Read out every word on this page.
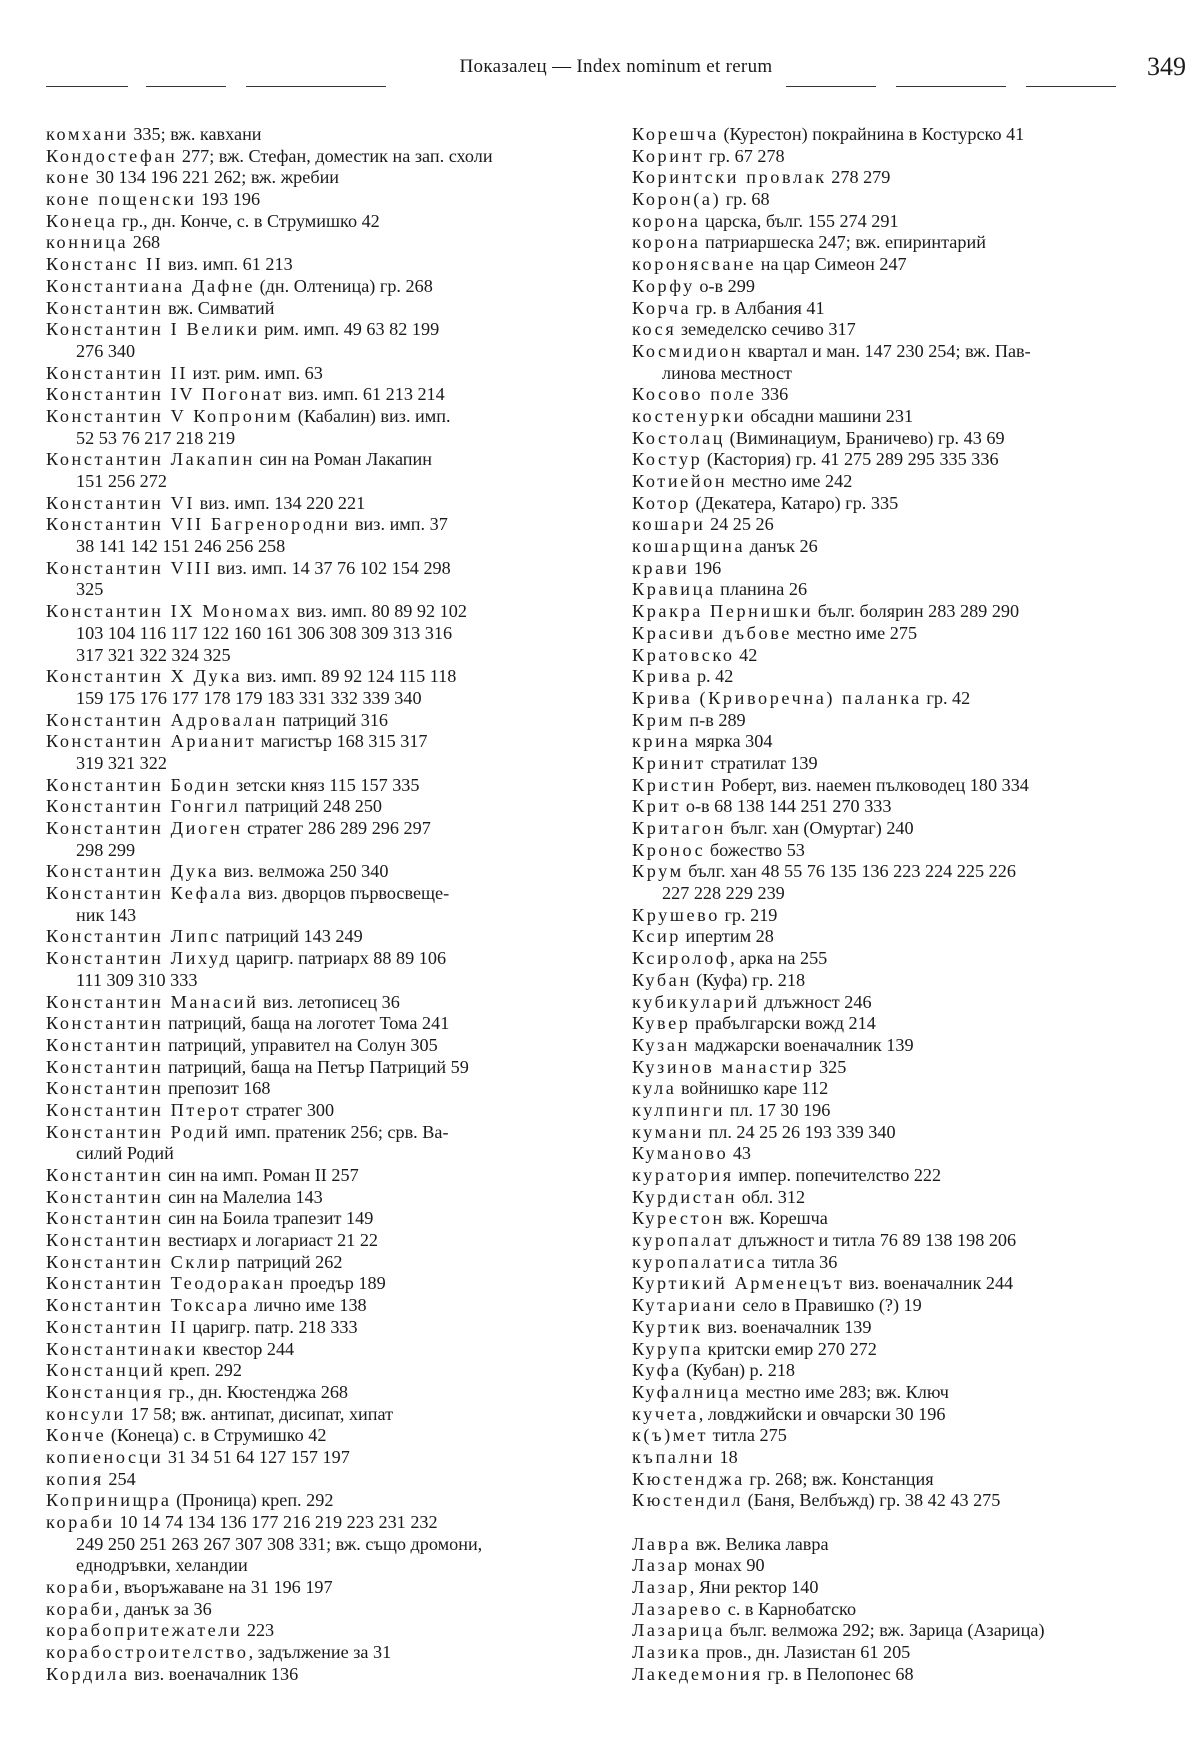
Показалец — Index nominum et rerum	349
комхани 335; вж. кавхани
Кондостефан 277; вж. Стефан, доместик на зап. схоли
коне 30 134 196 221 262; вж. жребии
коне пощенски 193 196
Конеца гр., дн. Конче, с. в Струмишко 42
конница 268
Констанс II виз. имп. 61 213
Константиана Дафне (дн. Олтеница) гр. 268
Константин вж. Симватий
Константин I Велики рим. имп. 49 63 82 199
276 340
Константин II изт. рим. имп. 63
Константин IV Погонат виз. имп. 61 213 214
Константин V Копроним (Кабалин) виз. имп.
52 53 76 217 218 219
Константин Лакапин син на Роман Лакапин
151 256 272
Константин VI виз. имп. 134 220 221
Константин VII Багренородни виз. имп. 37
38 141 142 151 246 256 258
Константин VIII виз. имп. 14 37 76 102 154 298
325
Константин IX Мономах виз. имп. 80 89 92 102
103 104 116 117 122 160 161 306 308 309 313 316
317 321 322 324 325
Константин X Дука виз. имп. 89 92 124 115 118
159 175 176 177 178 179 183 331 332 339 340
Константин Адровалан патриций 316
Константин Арианит магистър 168 315 317
319 321 322
Константин Бодин зетски княз 115 157 335
Константин Гонгил патриций 248 250
Константин Диоген стратег 286 289 296 297
298 299
Константин Дука виз. велможа 250 340
Константин Кефала виз. дворцов първосвеще-
ник 143
Константин Липс патриций 143 249
Константин Лихуд царигр. патриарх 88 89 106
111 309 310 333
Константин Манасий виз. летописец 36
Константин патриций, баща на логотет Тома 241
Константин патриций, управител на Солун 305
Константин патриций, баща на Петър Патриций 59
Константин препозит 168
Константин Птерот стратег 300
Константин Родий имп. пратеник 256; срв. Ва-
силий Родий
Константин син на имп. Роман II 257
Константин син на Малелиа 143
Константин син на Боила трапезит 149
Константин вестиарх и логариаст 21 22
Константин Склир патриций 262
Константин Теодоракан проедър 189
Константин Токсара лично име 138
Константин II царигр. патр. 218 333
Константинаки квестор 244
Констанций креп. 292
Констанция гр., дн. Кюстенджа 268
консули 17 58; вж. антипат, дисипат, хипат
Конче (Конеца) с. в Струмишко 42
копиеносци 31 34 51 64 127 157 197
копия 254
Копринищра (Проница) креп. 292
кораби 10 14 74 134 136 177 216 219 223 231 232
249 250 251 263 267 307 308 331; вж. също дромони,
еднодръвки, хеландии
кораби, въоръжаване на 31 196 197
кораби, данък за 36
корабопритежатели 223
корабостроителство, задължение за 31
Кордила виз. военачалник 136
Корешча (Курестон) покрайнина в Костурско 41
Коринт гр. 67 278
Коринтски провлак 278 279
Корон(а) гр. 68
корона царска, бълг. 155 274 291
корона патриаршеска 247; вж. епиринтарий
коронясване на цар Симеон 247
Корфу о-в 299
Корча гр. в Албания 41
кося земеделско сечиво 317
Космидион квартал и ман. 147 230 254; вж. Пав-
линова местност
Косово поле 336
костенурки обсадни машини 231
Костолац (Виминациум, Браничево) гр. 43 69
Костур (Кастория) гр. 41 275 289 295 335 336
Котиейон местно име 242
Котор (Декатера, Катаро) гр. 335
кошари 24 25 26
кошарщина данък 26
крави 196
Кравица планина 26
Кракра Пернишки бълг. болярин 283 289 290
Красиви дъбове местно име 275
Кратовско 42
Крива р. 42
Крива (Криворечна) паланка гр. 42
Крим п-в 289
крина мярка 304
Кринит стратилат 139
Кристин Роберт, виз. наемен пълководец 180 334
Крит о-в 68 138 144 251 270 333
Критагон бълг. хан (Омуртаг) 240
Кронос божество 53
Крум бълг. хан 48 55 76 135 136 223 224 225 226
227 228 229 239
Крушево гр. 219
Ксир ипертим 28
Ксиролоф, арка на 255
Кубан (Куфа) гр. 218
кубикуларий длъжност 246
Кувер прабългарски вожд 214
Кузан маджарски военачалник 139
Кузинов манастир 325
кула войнишко каре 112
кулпинги пл. 17 30 196
кумани пл. 24 25 26 193 339 340
Куманово 43
куратория импер. попечителство 222
Курдистан обл. 312
Курестон вж. Корешча
куропалат длъжност и титла 76 89 138 198 206
куропалатиса титла 36
Куртикий Арменецът виз. военачалник 244
Кутариани село в Правишко (?) 19
Куртик виз. военачалник 139
Курупа критски емир 270 272
Куфа (Кубан) р. 218
Куфалница местно име 283; вж. Ключ
кучета, ловджийски и овчарски 30 196
к(ъ)мет титла 275
къпални 18
Кюстенджа гр. 268; вж. Констанция
Кюстендил (Баня, Велбъжд) гр. 38 42 43 275
Лавра вж. Велика лавра
Лазар монах 90
Лазар, Яни ректор 140
Лазарево с. в Карнобатско
Лазарица бълг. велможа 292; вж. Зарица (Азарица)
Лазика пров., дн. Лазистан 61 205
Лакедемония гр. в Пелопонес 68
